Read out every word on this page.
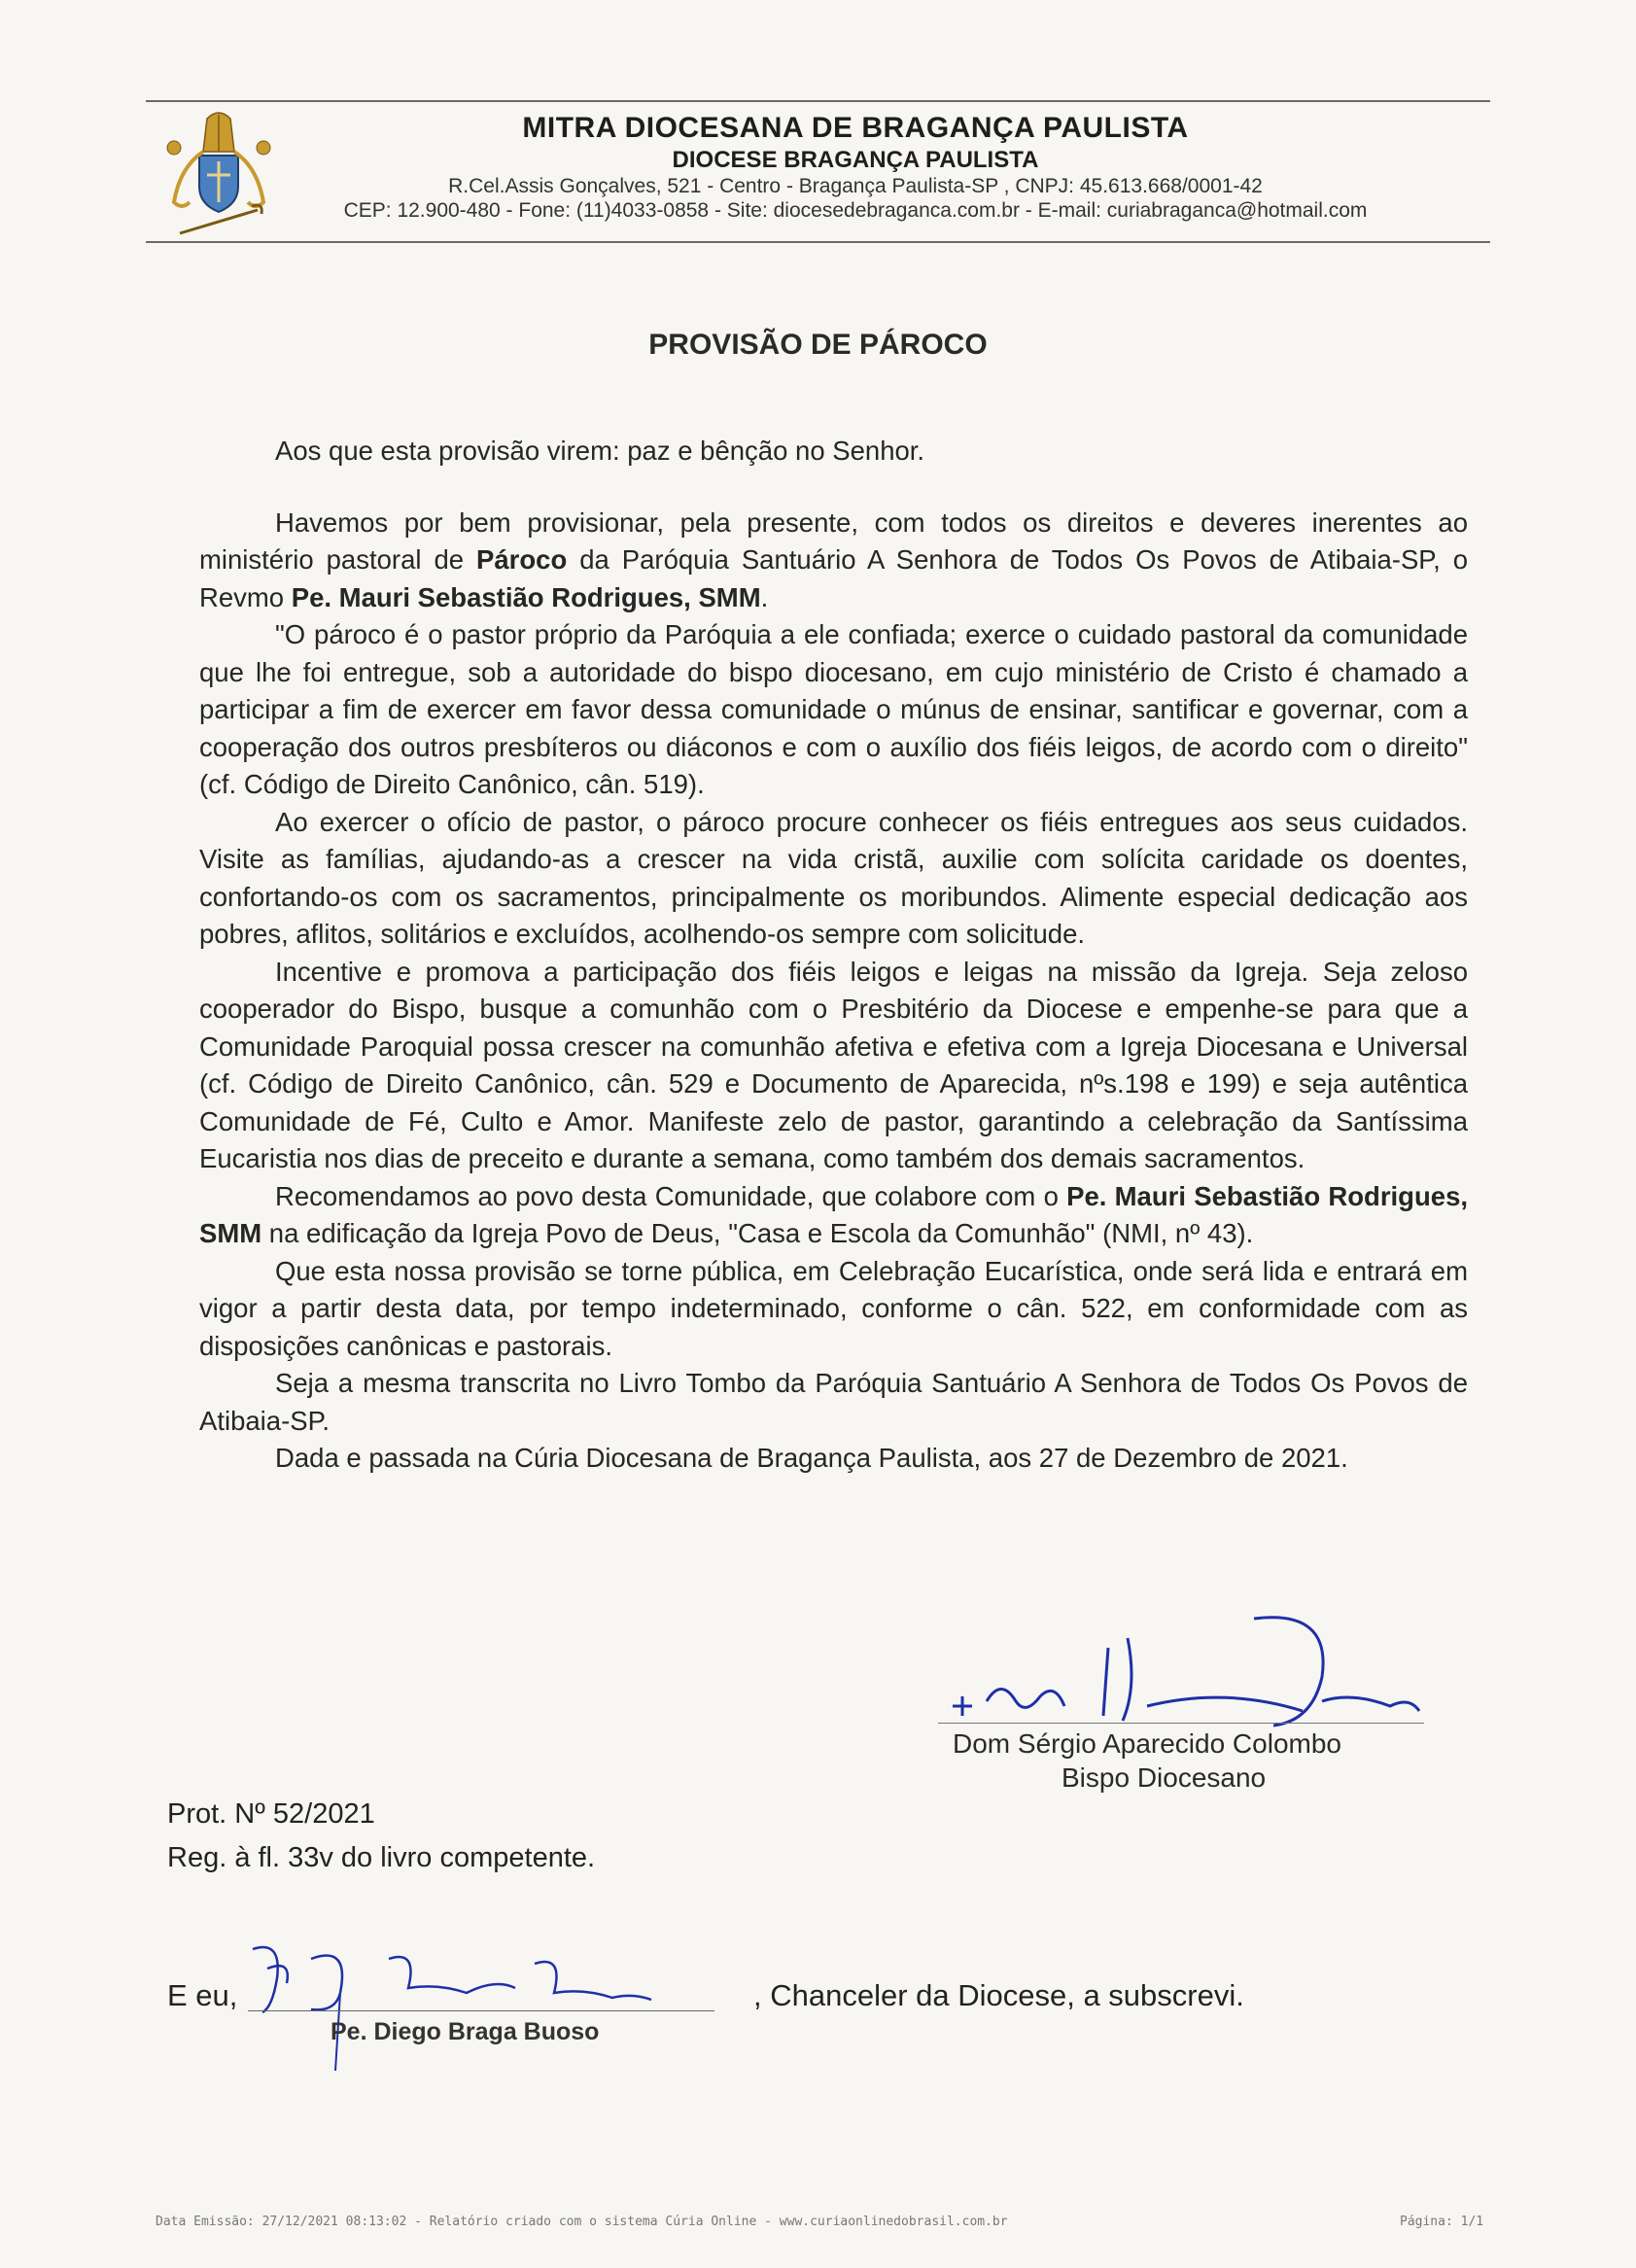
MITRA DIOCESANA DE BRAGANÇA PAULISTA
DIOCESE BRAGANÇA PAULISTA
R.Cel.Assis Gonçalves, 521 - Centro - Bragança Paulista-SP , CNPJ: 45.613.668/0001-42
CEP: 12.900-480 - Fone: (11)4033-0858 - Site: diocesedebraganca.com.br - E-mail: curiabraganca@hotmail.com
PROVISÃO DE PÁROCO

Aos que esta provisão virem: paz e bênção no Senhor.

Havemos por bem provisionar, pela presente, com todos os direitos e deveres inerentes ao ministério pastoral de Pároco da Paróquia Santuário A Senhora de Todos Os Povos de Atibaia-SP, o Revmo Pe. Mauri Sebastião Rodrigues, SMM.

"O pároco é o pastor próprio da Paróquia a ele confiada; exerce o cuidado pastoral da comunidade que lhe foi entregue, sob a autoridade do bispo diocesano, em cujo ministério de Cristo é chamado a participar a fim de exercer em favor dessa comunidade o múnus de ensinar, santificar e governar, com a cooperação dos outros presbíteros ou diáconos e com o auxílio dos fiéis leigos, de acordo com o direito" (cf. Código de Direito Canônico, cân. 519).

Ao exercer o ofício de pastor, o pároco procure conhecer os fiéis entregues aos seus cuidados. Visite as famílias, ajudando-as a crescer na vida cristã, auxilie com solícita caridade os doentes, confortando-os com os sacramentos, principalmente os moribundos. Alimente especial dedicação aos pobres, aflitos, solitários e excluídos, acolhendo-os sempre com solicitude.

Incentive e promova a participação dos fiéis leigos e leigas na missão da Igreja. Seja zeloso cooperador do Bispo, busque a comunhão com o Presbitério da Diocese e empenhe-se para que a Comunidade Paroquial possa crescer na comunhão afetiva e efetiva com a Igreja Diocesana e Universal (cf. Código de Direito Canônico, cân. 529 e Documento de Aparecida, nºs.198 e 199) e seja autêntica Comunidade de Fé, Culto e Amor. Manifeste zelo de pastor, garantindo a celebração da Santíssima Eucaristia nos dias de preceito e durante a semana, como também dos demais sacramentos.

Recomendamos ao povo desta Comunidade, que colabore com o Pe. Mauri Sebastião Rodrigues, SMM na edificação da Igreja Povo de Deus, "Casa e Escola da Comunhão" (NMI, nº 43).

Que esta nossa provisão se torne pública, em Celebração Eucarística, onde será lida e entrará em vigor a partir desta data, por tempo indeterminado, conforme o cân. 522, em conformidade com as disposições canônicas e pastorais.

Seja a mesma transcrita no Livro Tombo da Paróquia Santuário A Senhora de Todos Os Povos de Atibaia-SP.

Dada e passada na Cúria Diocesana de Bragança Paulista, aos 27 de Dezembro de 2021.

Dom Sérgio Aparecido Colombo
Bispo Diocesano
Prot. Nº 52/2021
Reg. à fl. 33v do livro competente.
E eu,
Pe. Diego Braga Buoso
, Chanceler da Diocese, a subscrevi.
Data Emissão: 27/12/2021 08:13:02 - Relatório criado com o sistema Cúria Online - www.curiaonlinedobrasil.com.br	Página: 1/1
